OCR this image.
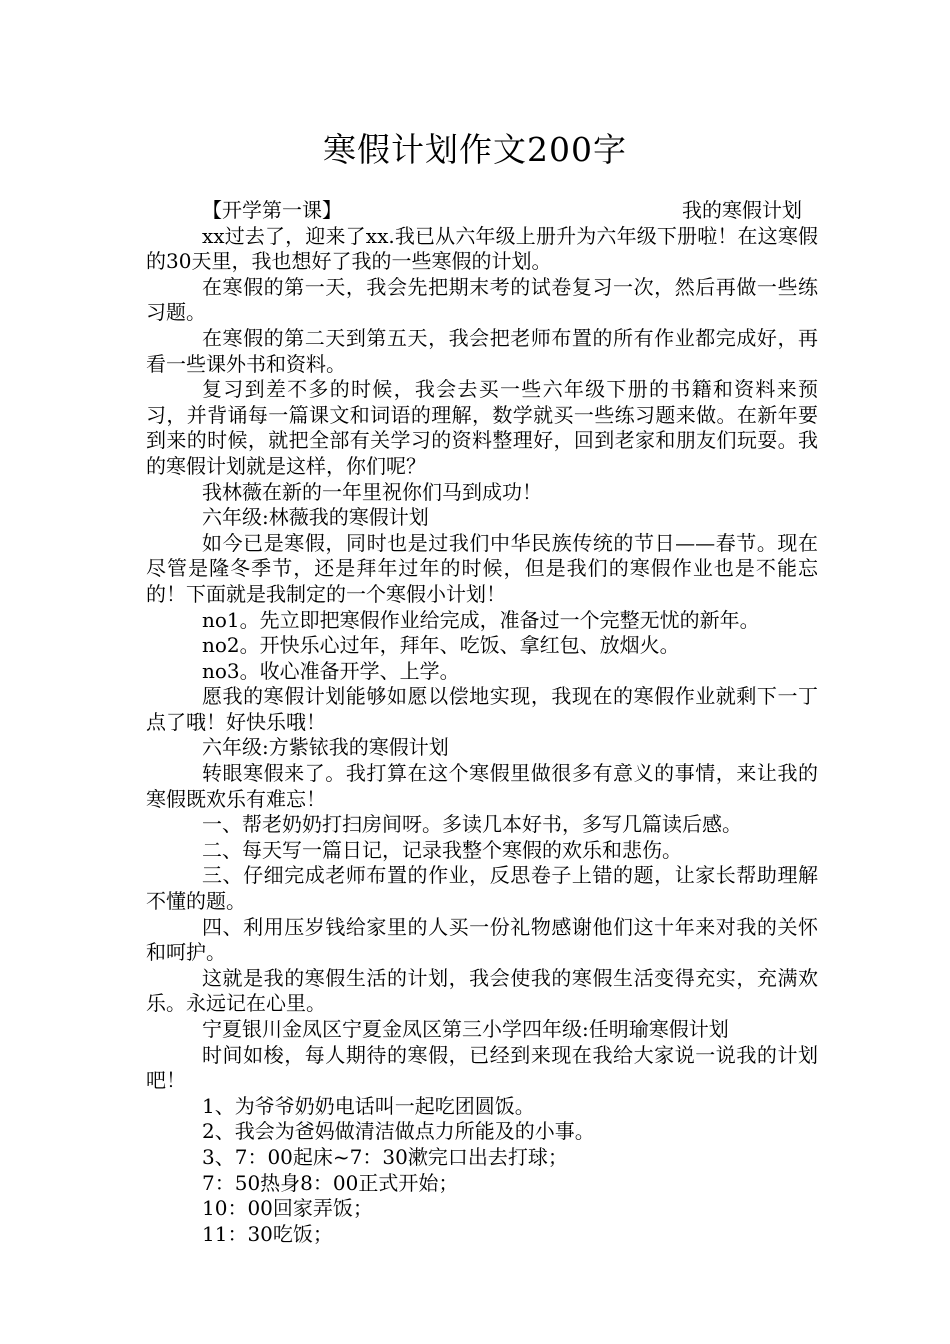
寒假计划作文200字
【开学第一课】	我的寒假计划

xx过去了，迎来了xx.我已从六年级上册升为六年级下册啦！在这寒假的30天里，我也想好了我的一些寒假的计划。

在寒假的第一天，我会先把期末考的试卷复习一次，然后再做一些练习题。

在寒假的第二天到第五天，我会把老师布置的所有作业都完成好，再看一些课外书和资料。

复习到差不多的时候，我会去买一些六年级下册的书籍和资料来预习，并背诵每一篇课文和词语的理解，数学就买一些练习题来做。在新年要到来的时候，就把全部有关学习的资料整理好，回到老家和朋友们玩耍。我的寒假计划就是这样，你们呢？

我林薇在新的一年里祝你们马到成功！

六年级:林薇我的寒假计划

如今已是寒假，同时也是过我们中华民族传统的节日——春节。现在尽管是隆冬季节，还是拜年过年的时候，但是我们的寒假作业也是不能忘的！下面就是我制定的一个寒假小计划！

no1。先立即把寒假作业给完成，准备过一个完整无忧的新年。

no2。开快乐心过年，拜年、吃饭、拿红包、放烟火。

no3。收心准备开学、上学。

愿我的寒假计划能够如愿以偿地实现，我现在的寒假作业就剩下一丁点了哦！好快乐哦！

六年级:方紫铱我的寒假计划

转眼寒假来了。我打算在这个寒假里做很多有意义的事情，来让我的寒假既欢乐有难忘！

一、帮老奶奶打扫房间呀。多读几本好书，多写几篇读后感。

二、每天写一篇日记，记录我整个寒假的欢乐和悲伤。

三、仔细完成老师布置的作业，反思卷子上错的题，让家长帮助理解不懂的题。

四、利用压岁钱给家里的人买一份礼物感谢他们这十年来对我的关怀和呵护。

这就是我的寒假生活的计划，我会使我的寒假生活变得充实，充满欢乐。永远记在心里。

宁夏银川金凤区宁夏金凤区第三小学四年级:任明瑜寒假计划

时间如梭，每人期待的寒假，已经到来现在我给大家说一说我的计划吧！

1、为爷爷奶奶电话叫一起吃团圆饭。

2、我会为爸妈做清洁做点力所能及的小事。

3、7：00起床~7：30漱完口出去打球；

7：50热身8：00正式开始；

10：00回家弄饭；

11：30吃饭；
